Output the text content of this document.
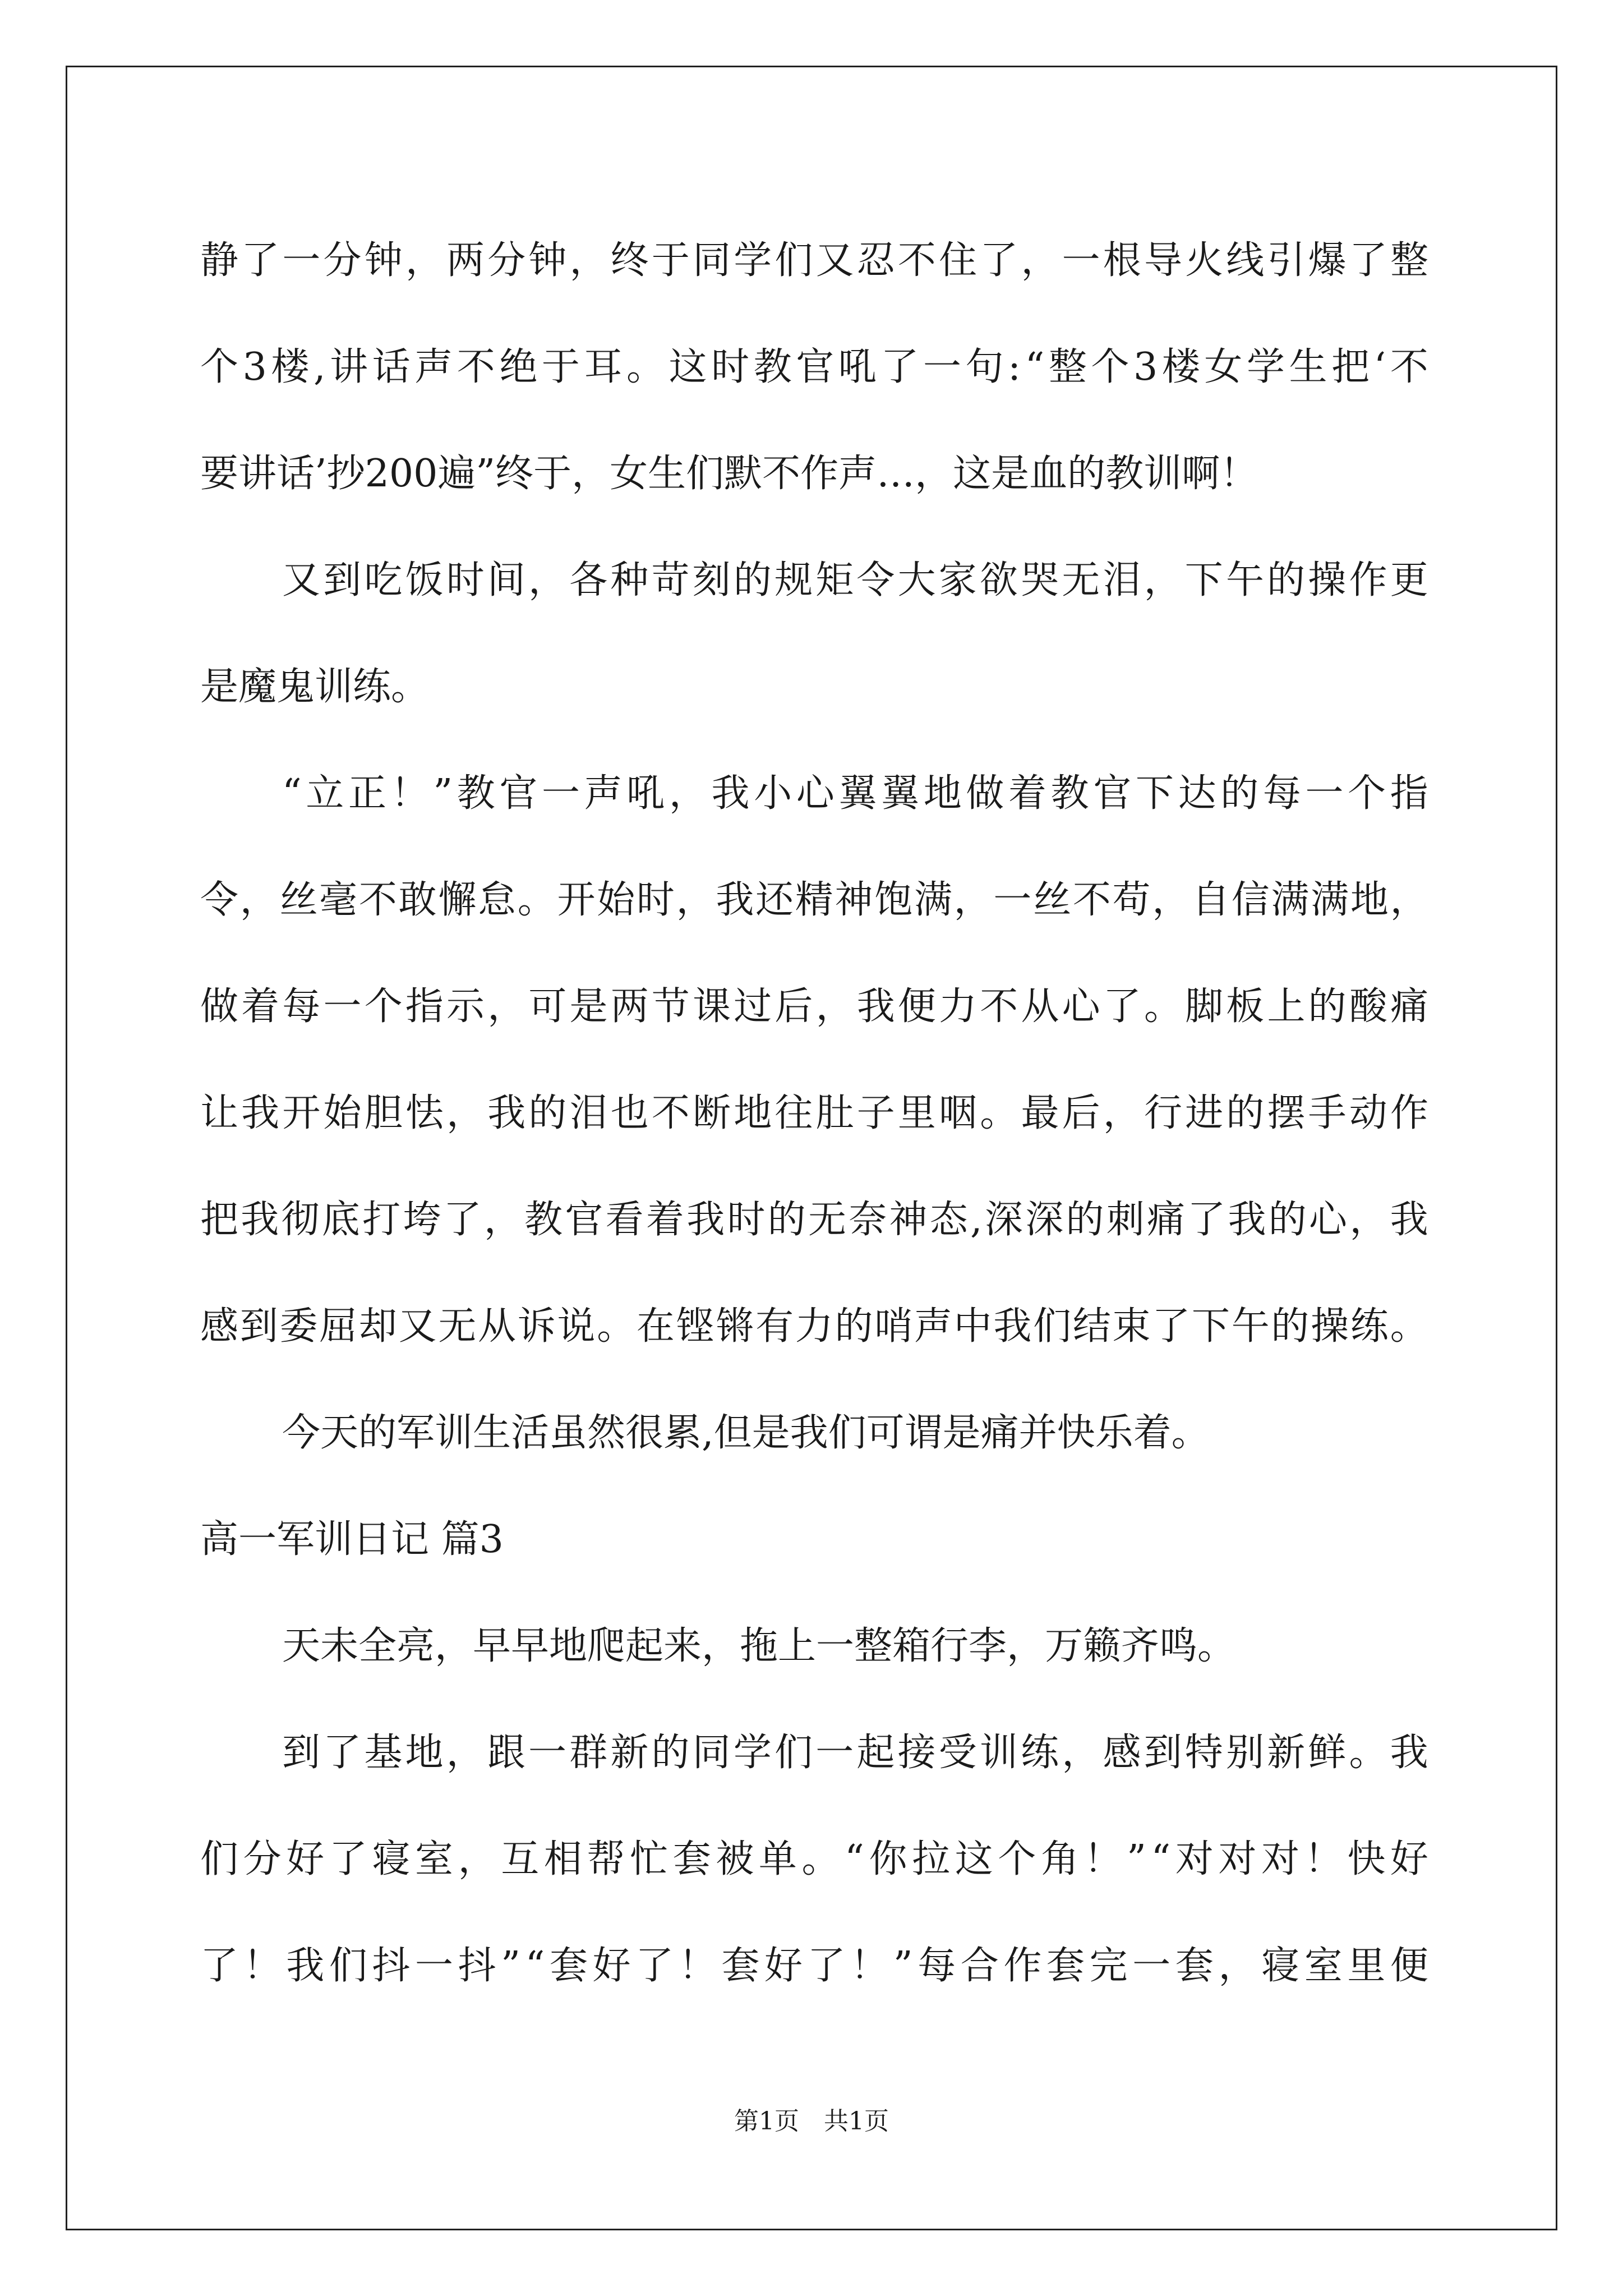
静 了 一 分 钟 ， 两 分 钟 ， 终 于 同 学 们 又 忍 不 住 了 ， 一 根 导 火 线 引 爆 了 整
个 3 楼 , 讲 话 声 不 绝 于 耳 。 这 时 教 官 吼 了 一 句 : “ 整 个 3 楼 女 学 生 把 ‘ 不
要讲话’抄200遍”终于，女生们默不作声…，这是血的教训啊！
又 到 吃 饭 时 间 ， 各 种 苛 刻 的 规 矩 令 大 家 欲 哭 无 泪 ， 下 午 的 操 作 更
是魔鬼训练。
“ 立 正 ！ ” 教 官 一 声 吼 ， 我 小 心 翼 翼 地 做 着 教 官 下 达 的 每 一 个 指
令 ， 丝 毫 不 敢 懈 怠 。 开 始 时 ， 我 还 精 神 饱 满 ， 一 丝 不 苟 ， 自 信 满 满 地 ，
做 着 每 一 个 指 示 ， 可 是 两 节 课 过 后 ， 我 便 力 不 从 心 了 。 脚 板 上 的 酸 痛
让 我 开 始 胆 怯 ， 我 的 泪 也 不 断 地 往 肚 子 里 咽 。 最 后 ， 行 进 的 摆 手 动 作
把 我 彻 底 打 垮 了 ， 教 官 看 着 我 时 的 无 奈 神 态 , 深 深 的 刺 痛 了 我 的 心 ， 我
感 到 委 屈 却 又 无 从 诉 说 。 在 铿 锵 有 力 的 哨 声 中 我 们 结 束 了 下 午 的 操 练 。
今天的军训生活虽然很累,但是我们可谓是痛并快乐着。
高一军训日记 篇3
天未全亮，早早地爬起来，拖上一整箱行李，万籁齐鸣。
到 了 基 地 ， 跟 一 群 新 的 同 学 们 一 起 接 受 训 练 ， 感 到 特 别 新 鲜 。 我
们 分 好 了 寝 室 ， 互 相 帮 忙 套 被 单 。 “ 你 拉 这 个 角 ！ ” “ 对 对 对 ！ 快 好
了 ！ 我 们 抖 一 抖 ” “ 套 好 了 ！ 套 好 了 ！ ” 每 合 作 套 完 一 套 ， 寝 室 里 便
第1页　共1页
